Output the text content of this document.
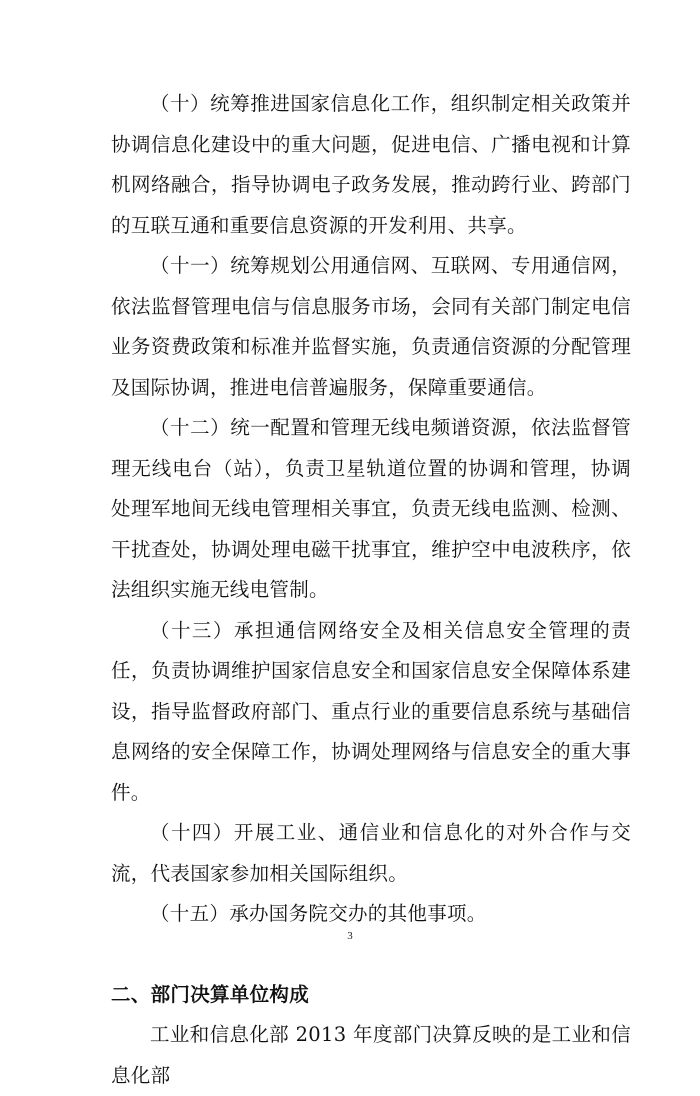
（十）统筹推进国家信息化工作，组织制定相关政策并协调信息化建设中的重大问题，促进电信、广播电视和计算机网络融合，指导协调电子政务发展，推动跨行业、跨部门的互联互通和重要信息资源的开发利用、共享。

（十一）统筹规划公用通信网、互联网、专用通信网，依法监督管理电信与信息服务市场，会同有关部门制定电信业务资费政策和标准并监督实施，负责通信资源的分配管理及国际协调，推进电信普遍服务，保障重要通信。

（十二）统一配置和管理无线电频谱资源，依法监督管理无线电台（站），负责卫星轨道位置的协调和管理，协调处理军地间无线电管理相关事宜，负责无线电监测、检测、干扰查处，协调处理电磁干扰事宜，维护空中电波秩序，依法组织实施无线电管制。

（十三）承担通信网络安全及相关信息安全管理的责任，负责协调维护国家信息安全和国家信息安全保障体系建设，指导监督政府部门、重点行业的重要信息系统与基础信息网络的安全保障工作，协调处理网络与信息安全的重大事件。

（十四）开展工业、通信业和信息化的对外合作与交流，代表国家参加相关国际组织。

（十五）承办国务院交办的其他事项。

二、部门决算单位构成

工业和信息化部 2013 年度部门决算反映的是工业和信息化部

3
